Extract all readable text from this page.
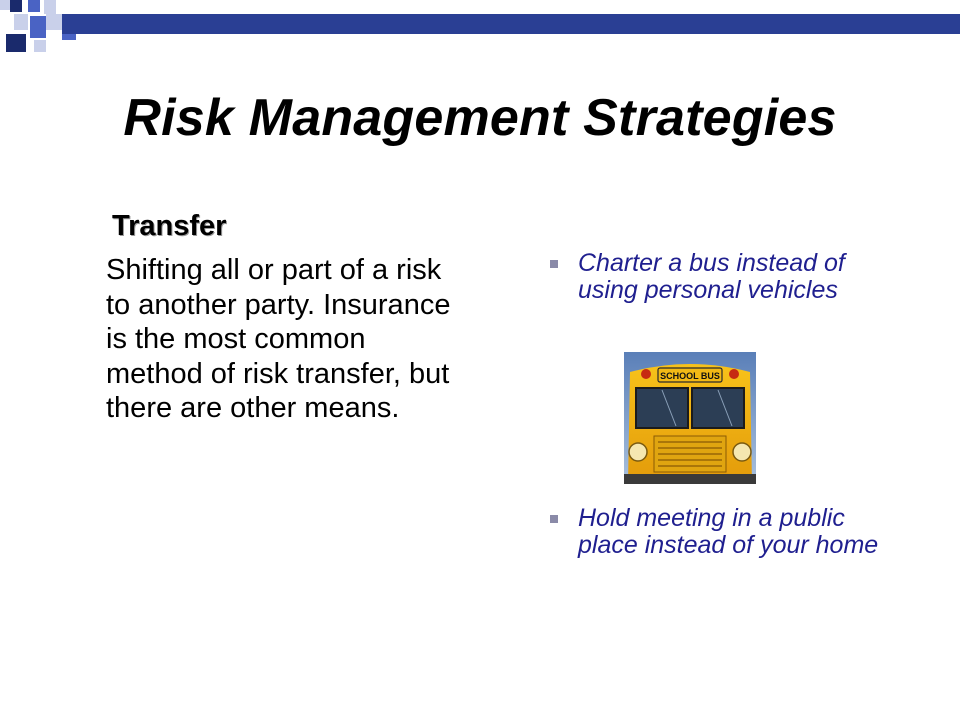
Risk Management Strategies
Transfer

Shifting all or part of a risk to another party. Insurance is the most common method of risk transfer, but there are other means.

Charter a bus instead of using personal vehicles
Hold meeting in a public place instead of your home
SCHOOL BUS
